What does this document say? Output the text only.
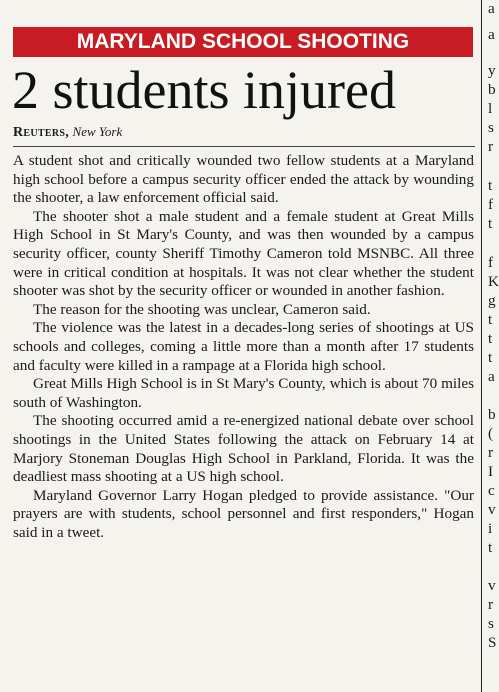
MARYLAND SCHOOL SHOOTING
2 students injured
Reuters, New York

A student shot and critically wounded two fellow students at a Maryland high school before a campus security officer ended the attack by wounding the shooter, a law enforcement official said.

The shooter shot a male student and a female student at Great Mills High School in St Mary's County, and was then wounded by a campus security officer, county Sheriff Timothy Cameron told MSNBC. All three were in critical condition at hospitals. It was not clear whether the student shooter was shot by the security officer or wounded in another fashion.

The reason for the shooting was unclear, Cameron said.

The violence was the latest in a decades-long series of shootings at US schools and colleges, coming a little more than a month after 17 students and faculty were killed in a rampage at a Florida high school.

Great Mills High School is in St Mary's County, which is about 70 miles south of Washington.

The shooting occurred amid a re-energized national debate over school shootings in the United States following the attack on February 14 at Marjory Stoneman Douglas High School in Parkland, Florida. It was the deadliest mass shooting at a US high school.

Maryland Governor Larry Hogan pledged to provide assistance. "Our prayers are with students, school personnel and first responders," Hogan said in a tweet.

a
a
y
b
l
s
r
t
f
t
f
K
g
t
t
t
a
b
(
r
I
c
v
i
t
v
r
s
S
